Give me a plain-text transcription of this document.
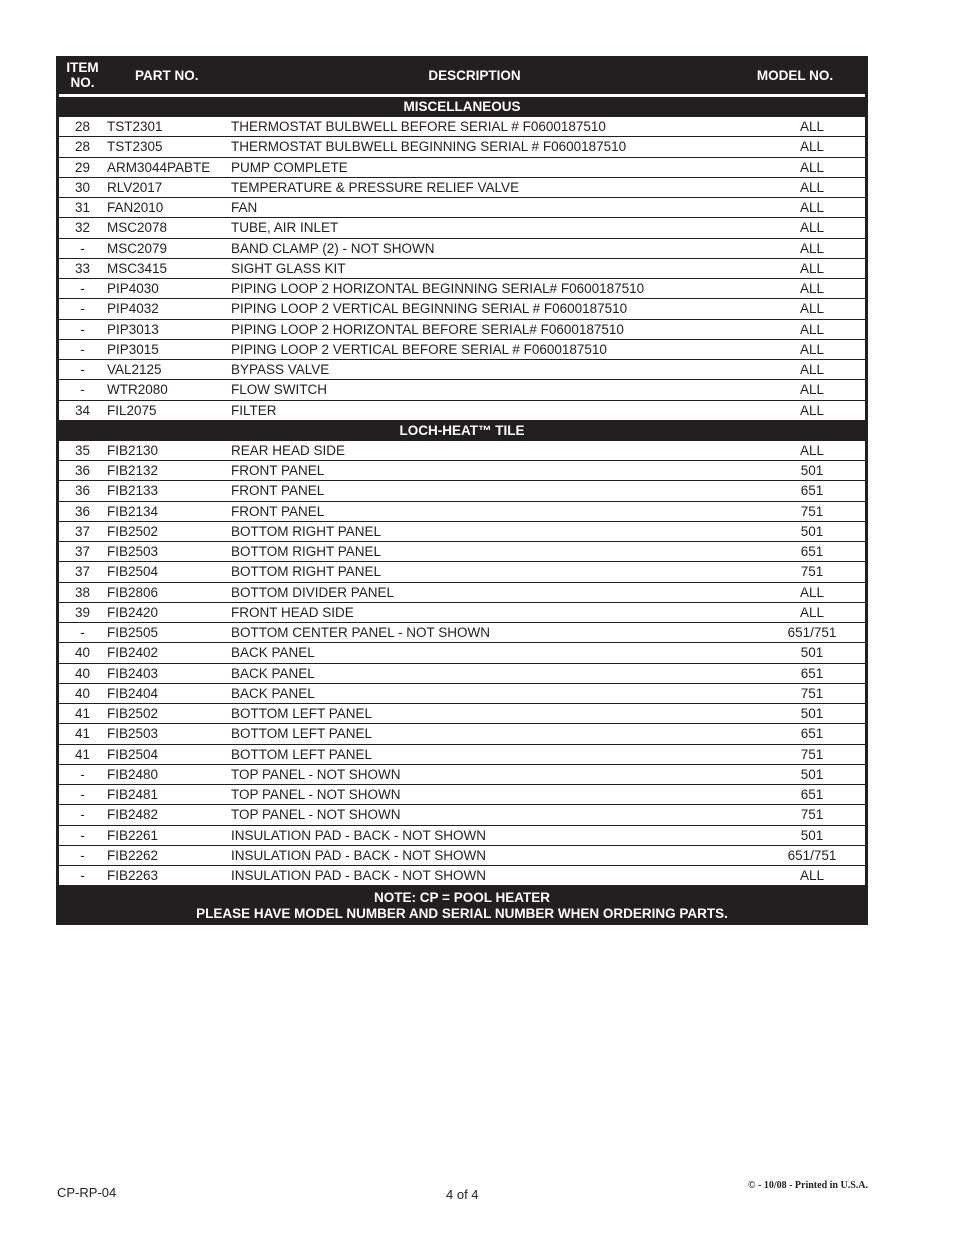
ITEM
NO.	PART NO.	DESCRIPTION	MODEL NO.
MISCELLANEOUS
28	TST2301	THERMOSTAT BULBWELL BEFORE SERIAL # F0600187510	ALL
28	TST2305	THERMOSTAT BULBWELL BEGINNING SERIAL # F0600187510	ALL
29	ARM3044PABTE	PUMP COMPLETE	ALL
30	RLV2017	TEMPERATURE & PRESSURE RELIEF VALVE	ALL
31	FAN2010	FAN	ALL
32	MSC2078	TUBE, AIR INLET	ALL
-	MSC2079	BAND CLAMP (2) - NOT SHOWN	ALL
33	MSC3415	SIGHT GLASS KIT	ALL
-	PIP4030	PIPING LOOP 2 HORIZONTAL BEGINNING SERIAL# F0600187510	ALL
-	PIP4032	PIPING LOOP 2 VERTICAL BEGINNING SERIAL # F0600187510	ALL
-	PIP3013	PIPING LOOP 2 HORIZONTAL BEFORE SERIAL# F0600187510	ALL
-	PIP3015	PIPING LOOP 2 VERTICAL BEFORE SERIAL # F0600187510	ALL
-	VAL2125	BYPASS VALVE	ALL
-	WTR2080	FLOW SWITCH	ALL
34	FIL2075	FILTER	ALL
LOCH-HEAT™ TILE
35	FIB2130	REAR HEAD SIDE	ALL
36	FIB2132	FRONT PANEL	501
36	FIB2133	FRONT PANEL	651
36	FIB2134	FRONT PANEL	751
37	FIB2502	BOTTOM RIGHT PANEL	501
37	FIB2503	BOTTOM RIGHT PANEL	651
37	FIB2504	BOTTOM RIGHT PANEL	751
38	FIB2806	BOTTOM DIVIDER PANEL	ALL
39	FIB2420	FRONT HEAD SIDE	ALL
-	FIB2505	BOTTOM CENTER PANEL - NOT SHOWN	651/751
40	FIB2402	BACK PANEL	501
40	FIB2403	BACK PANEL	651
40	FIB2404	BACK PANEL	751
41	FIB2502	BOTTOM LEFT PANEL	501
41	FIB2503	BOTTOM LEFT PANEL	651
41	FIB2504	BOTTOM LEFT PANEL	751
-	FIB2480	TOP PANEL - NOT SHOWN	501
-	FIB2481	TOP PANEL - NOT SHOWN	651
-	FIB2482	TOP PANEL - NOT SHOWN	751
-	FIB2261	INSULATION PAD - BACK - NOT SHOWN	501
-	FIB2262	INSULATION PAD - BACK - NOT SHOWN	651/751
-	FIB2263	INSULATION PAD - BACK - NOT SHOWN	ALL
NOTE: CP = POOL HEATER
PLEASE HAVE MODEL NUMBER AND SERIAL NUMBER WHEN ORDERING PARTS.
CP-RP-04	4 of 4
© - 10/08 - Printed in U.S.A.
